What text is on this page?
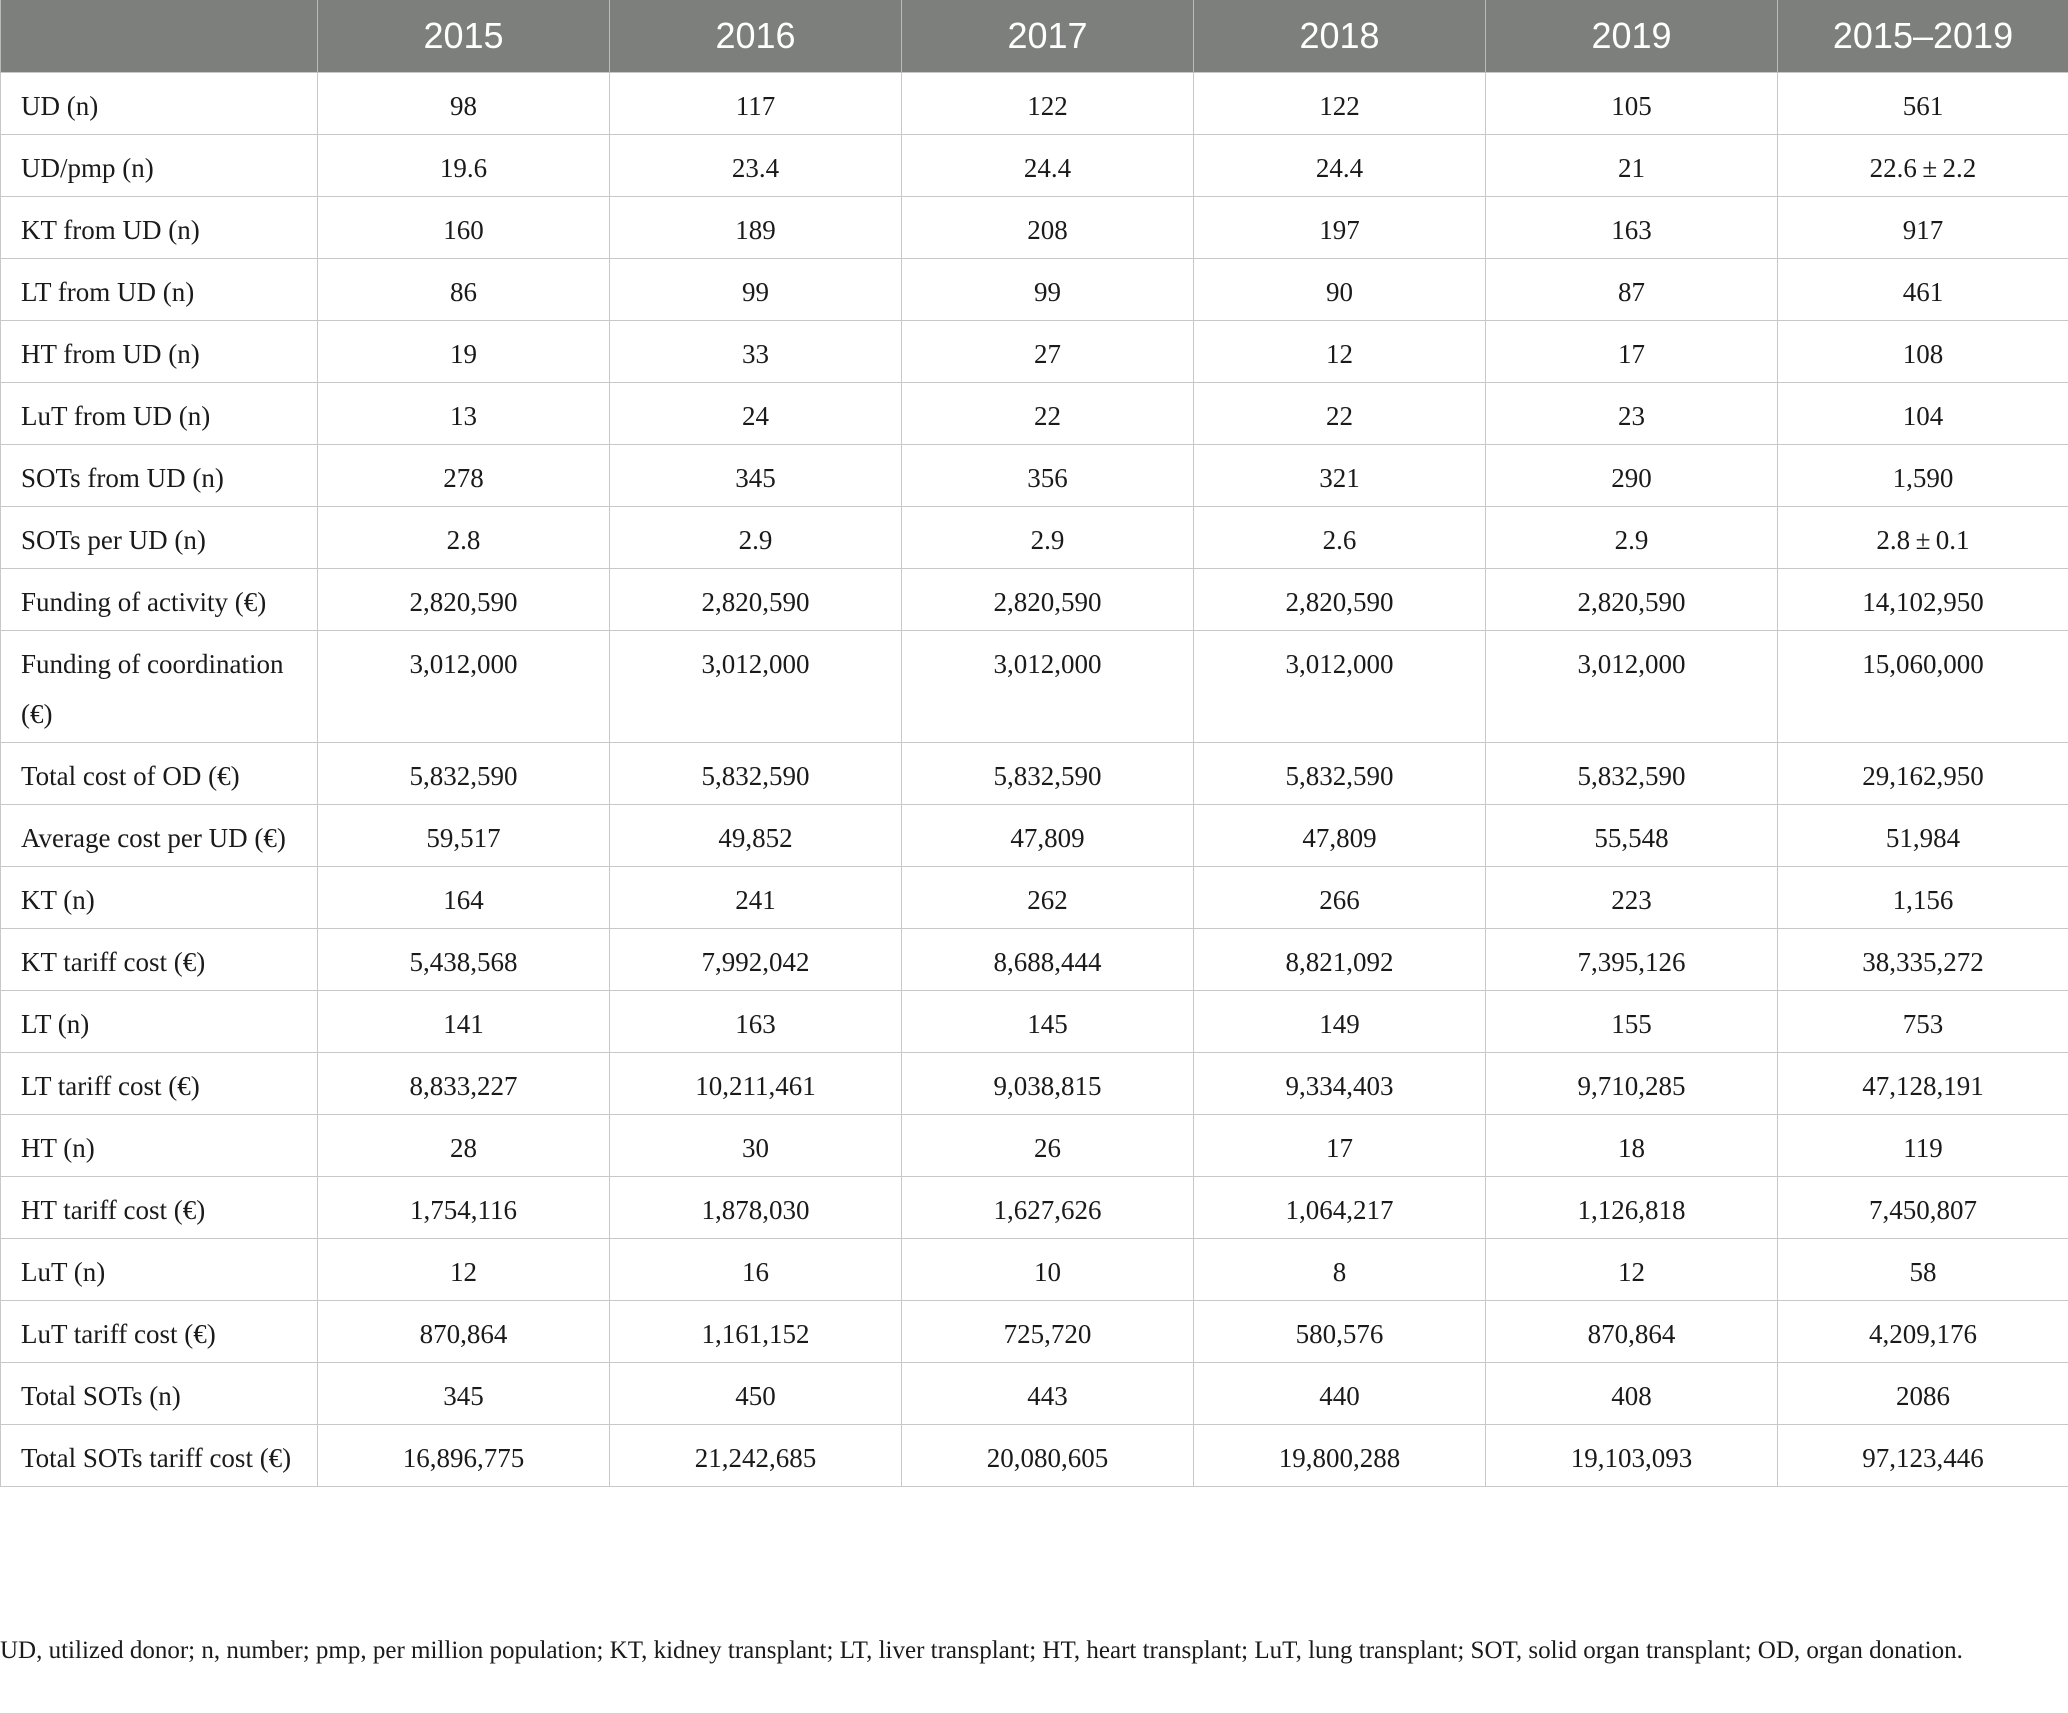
	2015	2016	2017	2018	2019	2015–2019
UD (n)	98	117	122	122	105	561
UD/pmp (n)	19.6	23.4	24.4	24.4	21	22.6 ± 2.2
KT from UD (n)	160	189	208	197	163	917
LT from UD (n)	86	99	99	90	87	461
HT from UD (n)	19	33	27	12	17	108
LuT from UD (n)	13	24	22	22	23	104
SOTs from UD (n)	278	345	356	321	290	1,590
SOTs per UD (n)	2.8	2.9	2.9	2.6	2.9	2.8 ± 0.1
Funding of activity (€)	2,820,590	2,820,590	2,820,590	2,820,590	2,820,590	14,102,950
Funding of coordination (€)	3,012,000	3,012,000	3,012,000	3,012,000	3,012,000	15,060,000
Total cost of OD (€)	5,832,590	5,832,590	5,832,590	5,832,590	5,832,590	29,162,950
Average cost per UD (€)	59,517	49,852	47,809	47,809	55,548	51,984
KT (n)	164	241	262	266	223	1,156
KT tariff cost (€)	5,438,568	7,992,042	8,688,444	8,821,092	7,395,126	38,335,272
LT (n)	141	163	145	149	155	753
LT tariff cost (€)	8,833,227	10,211,461	9,038,815	9,334,403	9,710,285	47,128,191
HT (n)	28	30	26	17	18	119
HT tariff cost (€)	1,754,116	1,878,030	1,627,626	1,064,217	1,126,818	7,450,807
LuT (n)	12	16	10	8	12	58
LuT tariff cost (€)	870,864	1,161,152	725,720	580,576	870,864	4,209,176
Total SOTs (n)	345	450	443	440	408	2086
Total SOTs tariff cost (€)	16,896,775	21,242,685	20,080,605	19,800,288	19,103,093	97,123,446
UD, utilized donor; n, number; pmp, per million population; KT, kidney transplant; LT, liver transplant; HT, heart transplant; LuT, lung transplant; SOT, solid organ transplant; OD, organ donation.
